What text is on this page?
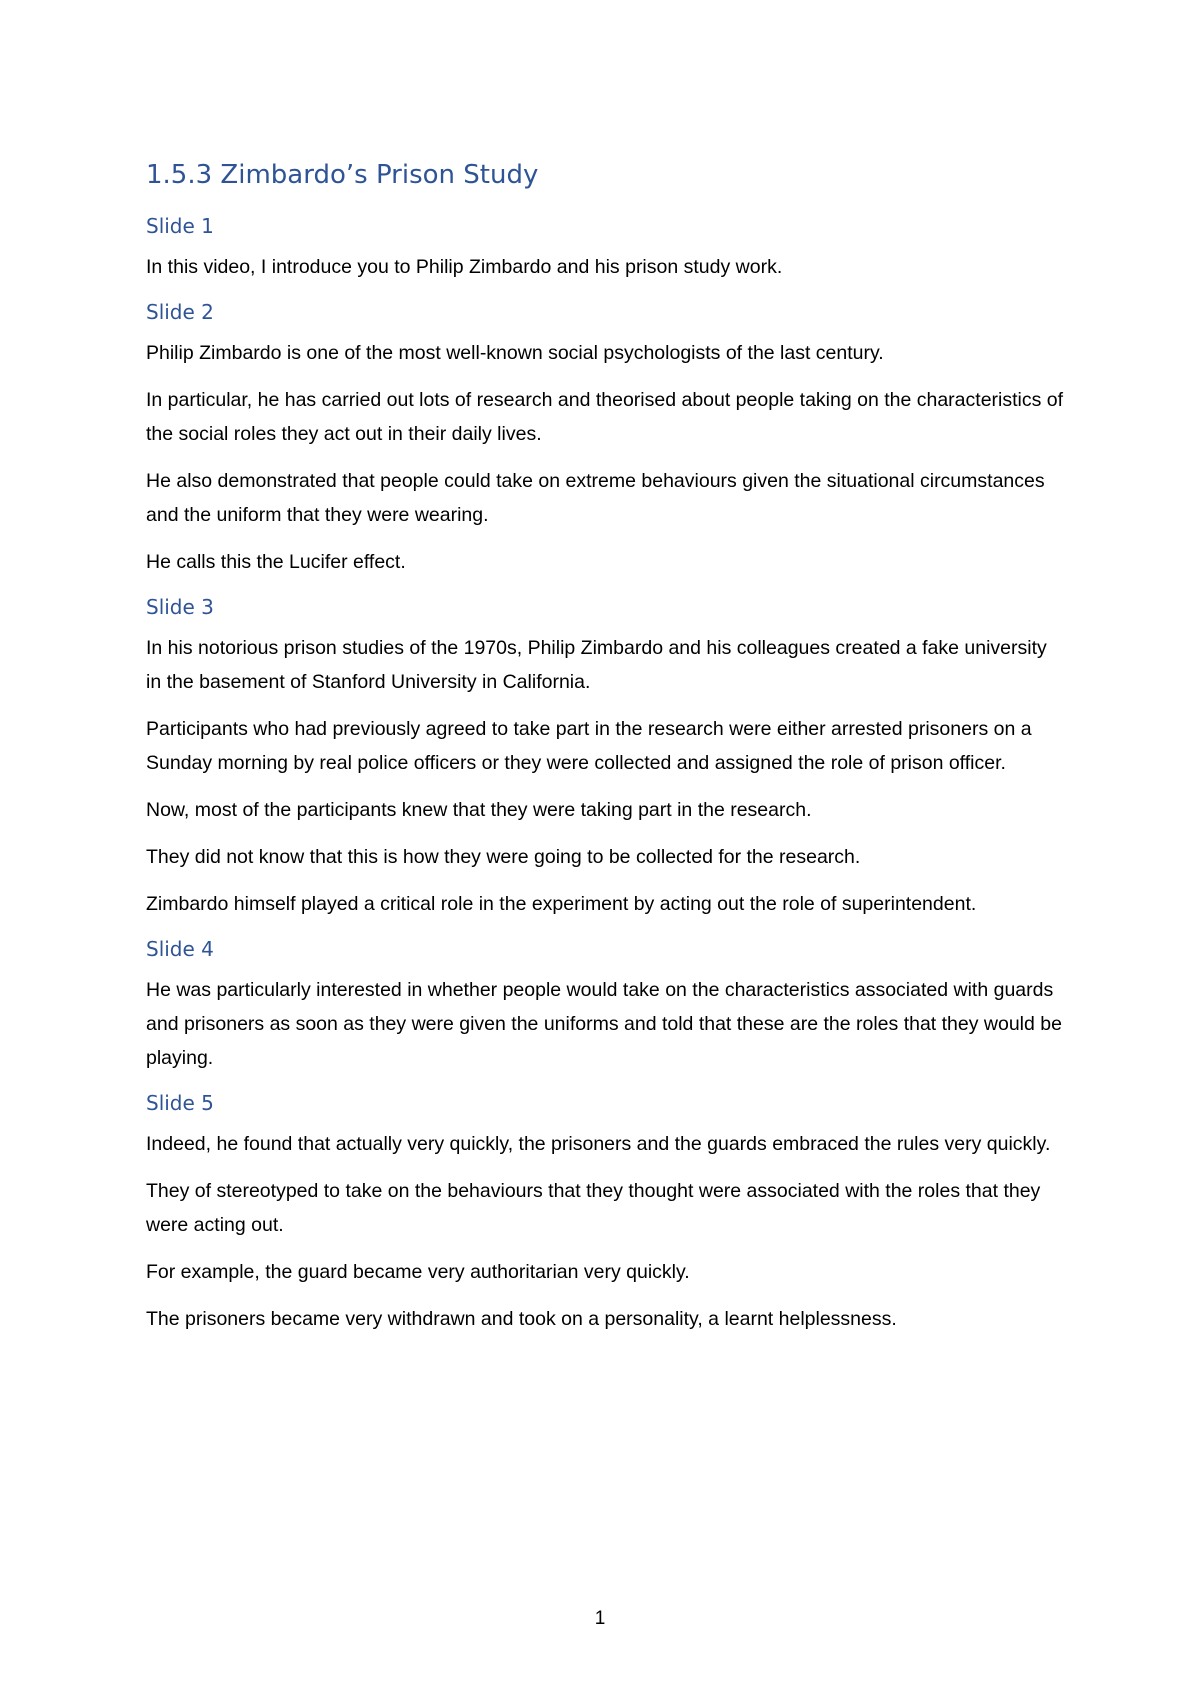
1.5.3 Zimbardo’s Prison Study
Slide 1

In this video, I introduce you to Philip Zimbardo and his prison study work.

Slide 2

Philip Zimbardo is one of the most well-known social psychologists of the last century.

In particular, he has carried out lots of research and theorised about people taking on the characteristics of the social roles they act out in their daily lives.

He also demonstrated that people could take on extreme behaviours given the situational circumstances and the uniform that they were wearing.

He calls this the Lucifer effect.

Slide 3

In his notorious prison studies of the 1970s, Philip Zimbardo and his colleagues created a fake university in the basement of Stanford University in California.

Participants who had previously agreed to take part in the research were either arrested prisoners on a Sunday morning by real police officers or they were collected and assigned the role of prison officer.

Now, most of the participants knew that they were taking part in the research.

They did not know that this is how they were going to be collected for the research.

Zimbardo himself played a critical role in the experiment by acting out the role of superintendent.

Slide 4

He was particularly interested in whether people would take on the characteristics associated with guards and prisoners as soon as they were given the uniforms and told that these are the roles that they would be playing.

Slide 5

Indeed, he found that actually very quickly, the prisoners and the guards embraced the rules very quickly.

They of stereotyped to take on the behaviours that they thought were associated with the roles that they were acting out.

For example, the guard became very authoritarian very quickly.

The prisoners became very withdrawn and took on a personality, a learnt helplessness.

1
